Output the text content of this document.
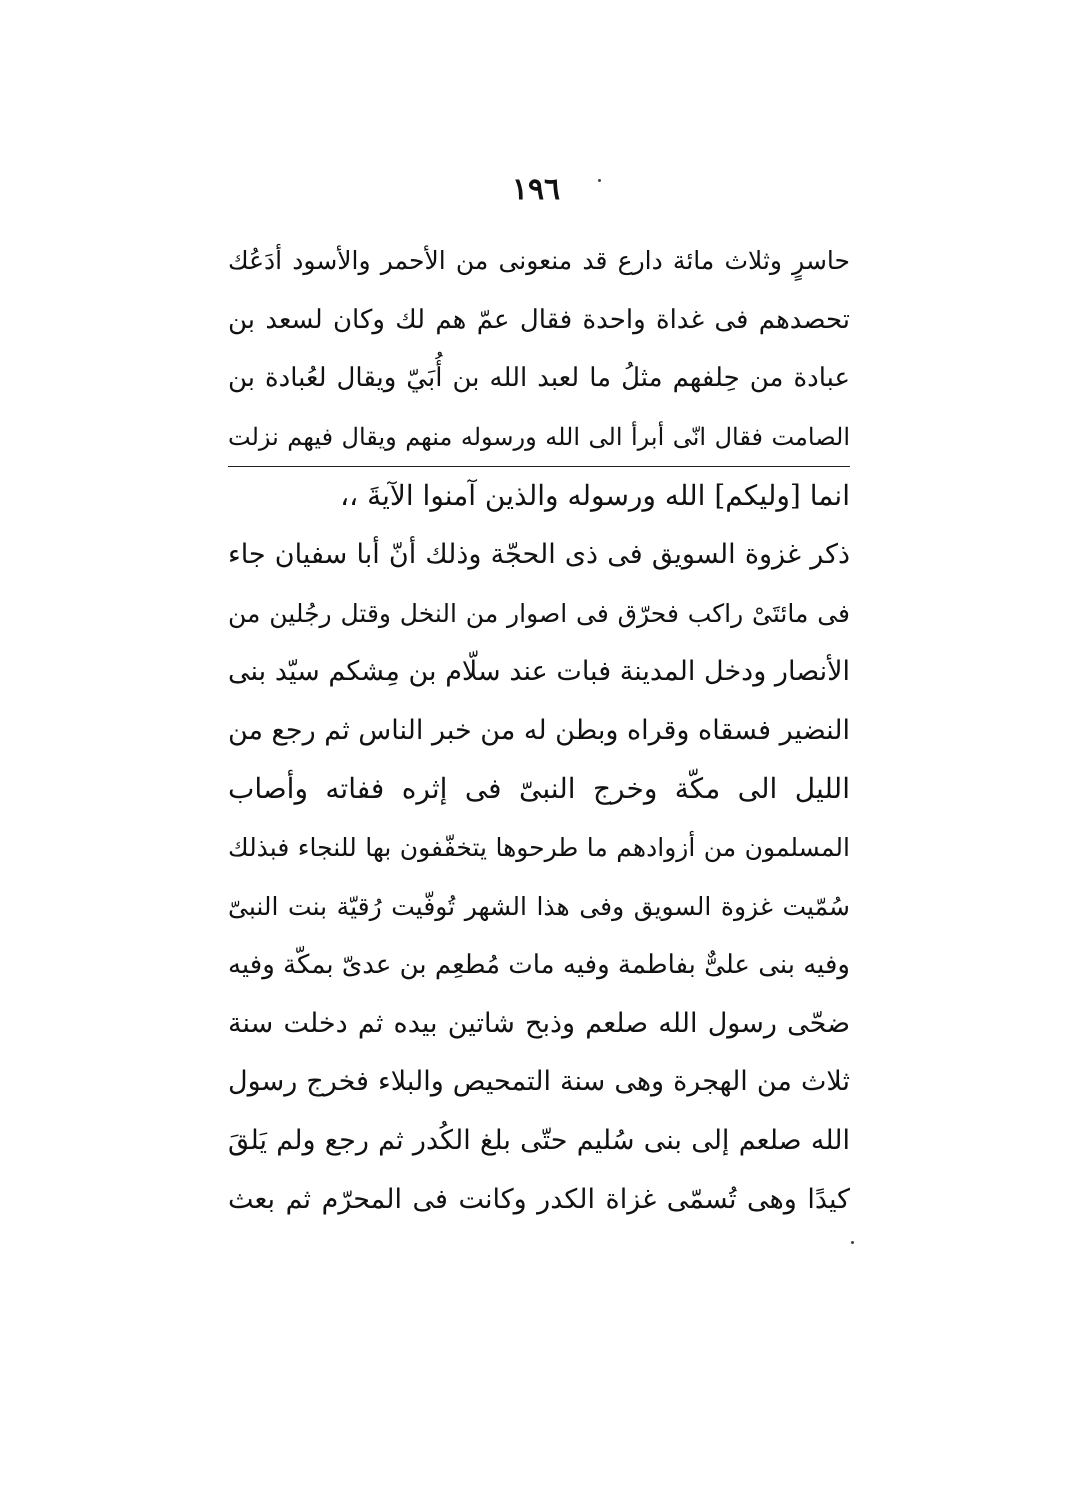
١٩٦
حاسرٍ وثلاث مائة دارع قد منعونى من الأحمر والأسود أدَعُك
تحصدهم فى غداة واحدة فقال عمّ هم لك وكان لسعد بن
عبادة من حِلفهم مثلُ ما لعبد الله بن أُبَيّ ويقال لعُبادة بن
الصامت فقال انّى أبرأ الى الله ورسوله منهم ويقال فيهم نزلت
انما [وليكم] الله ورسوله والذين آمنوا الآيةَ ،،
ذكر غزوة السويق فى ذى الحجّة وذلك أنّ أبا سفيان جاء
فى مائتَىْ راكب فحرّق فى اصوار من النخل وقتل رجُلين من
الأنصار ودخل المدينة فبات عند سلّام بن مِشكم سيّد بنى
النضير فسقاه وقراه وبطن له من خبر الناس ثم رجع من
الليل الى مكّة وخرج النبىّ فى إثره ففاته وأصاب
المسلمون من أزوادهم ما طرحوها يتخفّفون بها للنجاء فبذلك
سُمّيت غزوة السويق وفى هذا الشهر تُوفّيت رُقيّة بنت النبىّ
وفيه بنى علىٌّ بفاطمة وفيه مات مُطعِم بن عدىّ بمكّة وفيه
ضحّى رسول الله صلعم وذبح شاتين بيده ثم دخلت سنة
ثلاث من الهجرة وهى سنة التمحيص والبلاء فخرج رسول
الله صلعم إلى بنى سُليم حتّى بلغ الكُدر ثم رجع ولم يَلقَ
كيدًا وهى تُسمّى غزاة الكدر وكانت فى المحرّم ثم بعث
